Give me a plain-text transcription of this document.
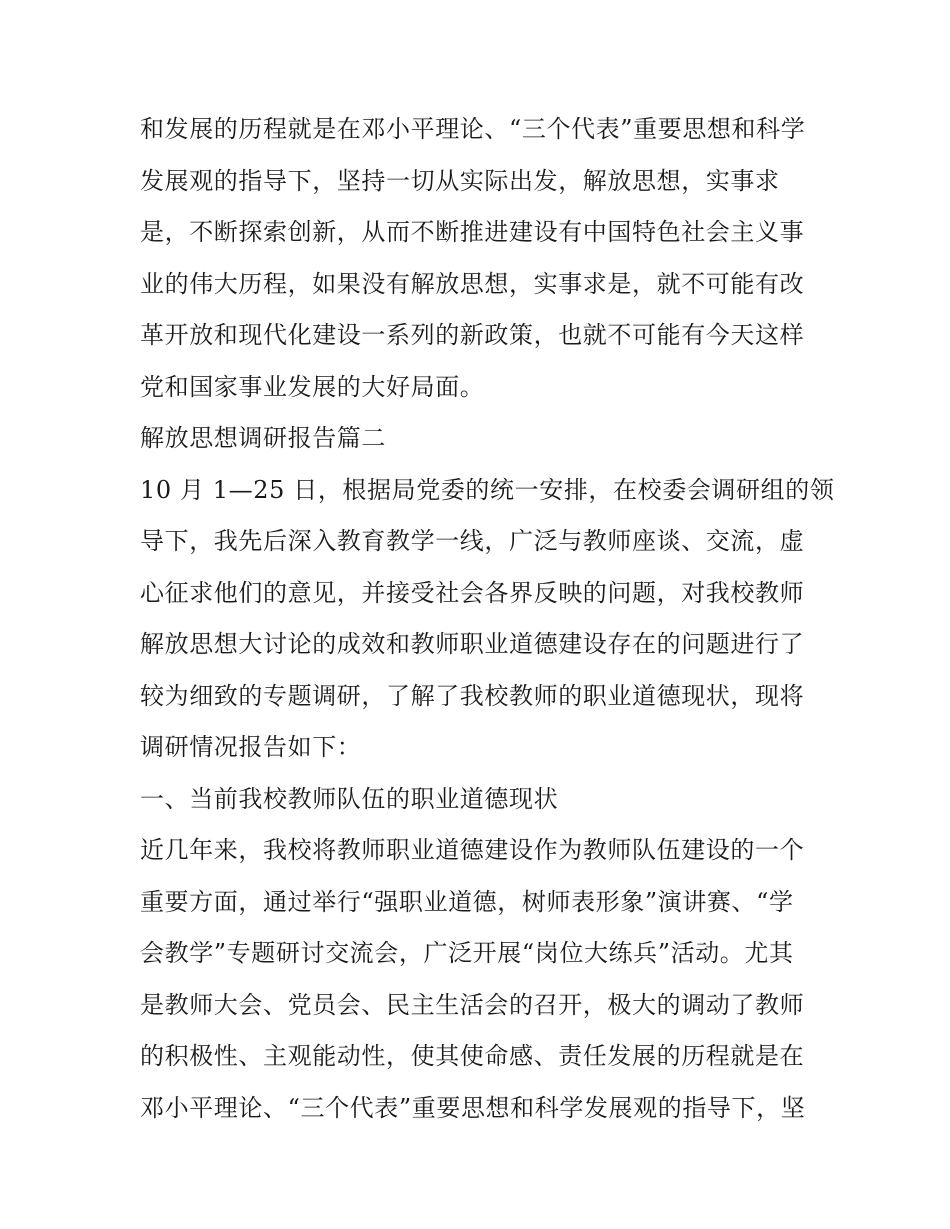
和发展的历程就是在邓小平理论、“三个代表”重要思想和科学
发展观的指导下，坚持一切从实际出发，解放思想，实事求
是，不断探索创新，从而不断推进建设有中国特色社会主义事
业的伟大历程，如果没有解放思想，实事求是，就不可能有改
革开放和现代化建设一系列的新政策，也就不可能有今天这样
党和国家事业发展的大好局面。
解放思想调研报告篇二
10 月 1—25 日，根据局党委的统一安排，在校委会调研组的领
导下，我先后深入教育教学一线，广泛与教师座谈、交流，虚
心征求他们的意见，并接受社会各界反映的问题，对我校教师
解放思想大讨论的成效和教师职业道德建设存在的问题进行了
较为细致的专题调研，了解了我校教师的职业道德现状，现将
调研情况报告如下：
一、当前我校教师队伍的职业道德现状
近几年来，我校将教师职业道德建设作为教师队伍建设的一个
重要方面，通过举行“强职业道德，树师表形象”演讲赛、“学
会教学”专题研讨交流会，广泛开展“岗位大练兵”活动。尤其
是教师大会、党员会、民主生活会的召开，极大的调动了教师
的积极性、主观能动性，使其使命感、责任发展的历程就是在
邓小平理论、“三个代表”重要思想和科学发展观的指导下，坚
